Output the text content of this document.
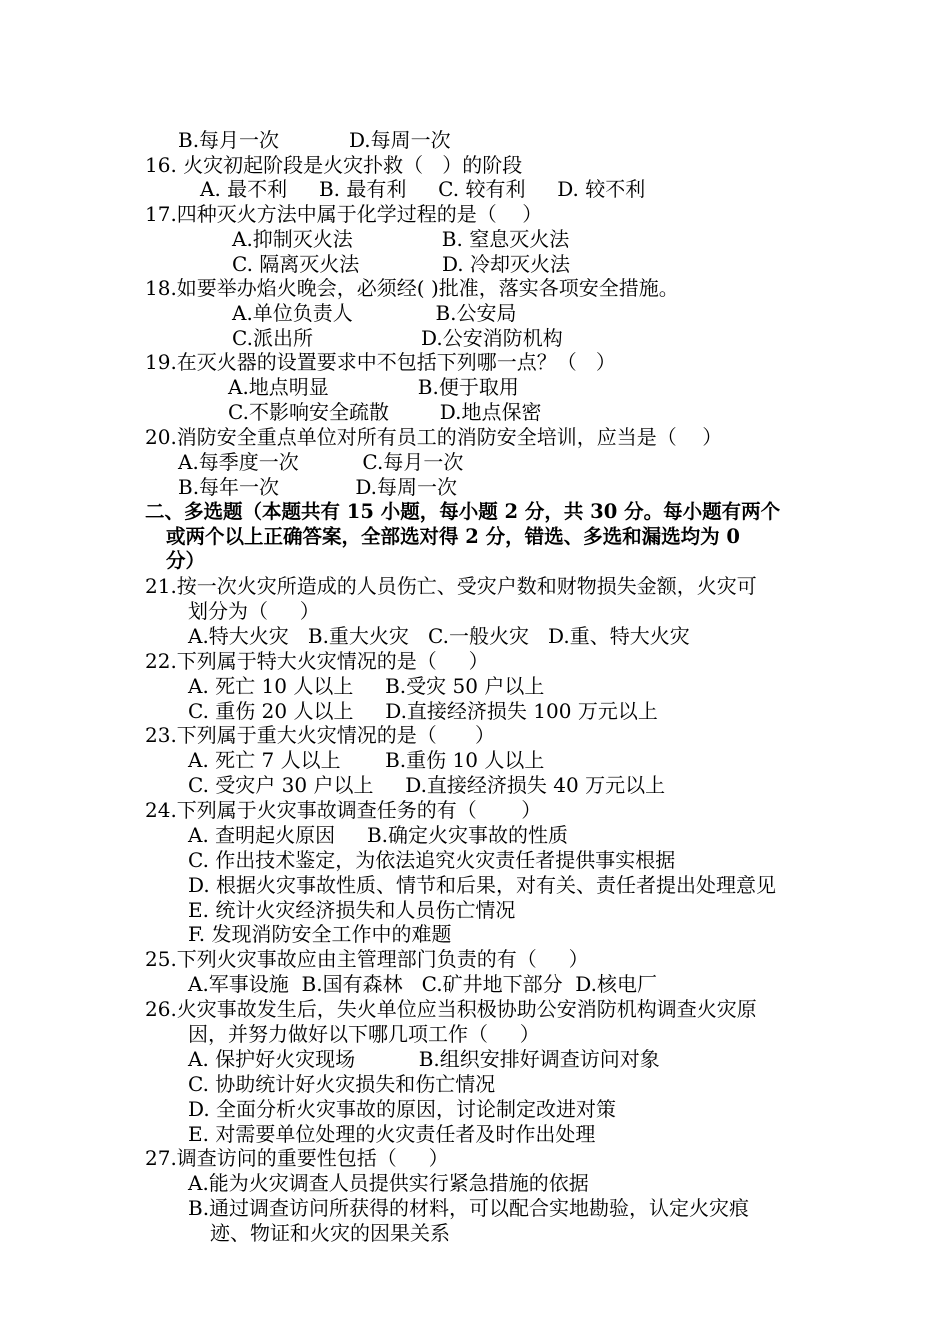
B.每月一次           D.每周一次
16. 火灾初起阶段是火灾扑救（   ）的阶段
A. 最不利     B. 最有利     C. 较有利     D. 较不利
17.四种灭火方法中属于化学过程的是（    ）
A.抑制灭火法              B. 窒息灭火法
C. 隔离灭火法             D. 冷却灭火法
18.如要举办焰火晚会，必须经( )批准，落实各项安全措施。
A.单位负责人             B.公安局
C.派出所                 D.公安消防机构
19.在灭火器的设置要求中不包括下列哪一点？（   ）
A.地点明显              B.便于取用
C.不影响安全疏散        D.地点保密
20.消防安全重点单位对所有员工的消防安全培训，应当是（    ）
A.每季度一次          C.每月一次
B.每年一次            D.每周一次
二、多选题（本题共有 15 小题，每小题 2 分，共 30 分。每小题有两个
或两个以上正确答案，全部选对得 2 分，错选、多选和漏选均为 0
分）
21.按一次火灾所造成的人员伤亡、受灾户数和财物损失金额，火灾可
划分为（     ）
A.特大火灾   B.重大火灾   C.一般火灾   D.重、特大火灾
22.下列属于特大火灾情况的是（     ）
A. 死亡 10 人以上     B.受灾 50 户以上
C. 重伤 20 人以上     D.直接经济损失 100 万元以上
23.下列属于重大火灾情况的是（      ）
A. 死亡 7 人以上       B.重伤 10 人以上
C. 受灾户 30 户以上     D.直接经济损失 40 万元以上
24.下列属于火灾事故调查任务的有（       ）
A. 查明起火原因     B.确定火灾事故的性质
C. 作出技术鉴定，为依法追究火灾责任者提供事实根据
D. 根据火灾事故性质、情节和后果，对有关、责任者提出处理意见
E. 统计火灾经济损失和人员伤亡情况
F. 发现消防安全工作中的难题
25.下列火灾事故应由主管理部门负责的有（     ）
A.军事设施  B.国有森林   C.矿井地下部分  D.核电厂
26.火灾事故发生后，失火单位应当积极协助公安消防机构调查火灾原
因，并努力做好以下哪几项工作（     ）
A. 保护好火灾现场          B.组织安排好调查访问对象
C. 协助统计好火灾损失和伤亡情况
D. 全面分析火灾事故的原因，讨论制定改进对策
E. 对需要单位处理的火灾责任者及时作出处理
27.调查访问的重要性包括（     ）
A.能为火灾调查人员提供实行紧急措施的依据
B.通过调查访问所获得的材料，可以配合实地勘验，认定火灾痕
迹、物证和火灾的因果关系
